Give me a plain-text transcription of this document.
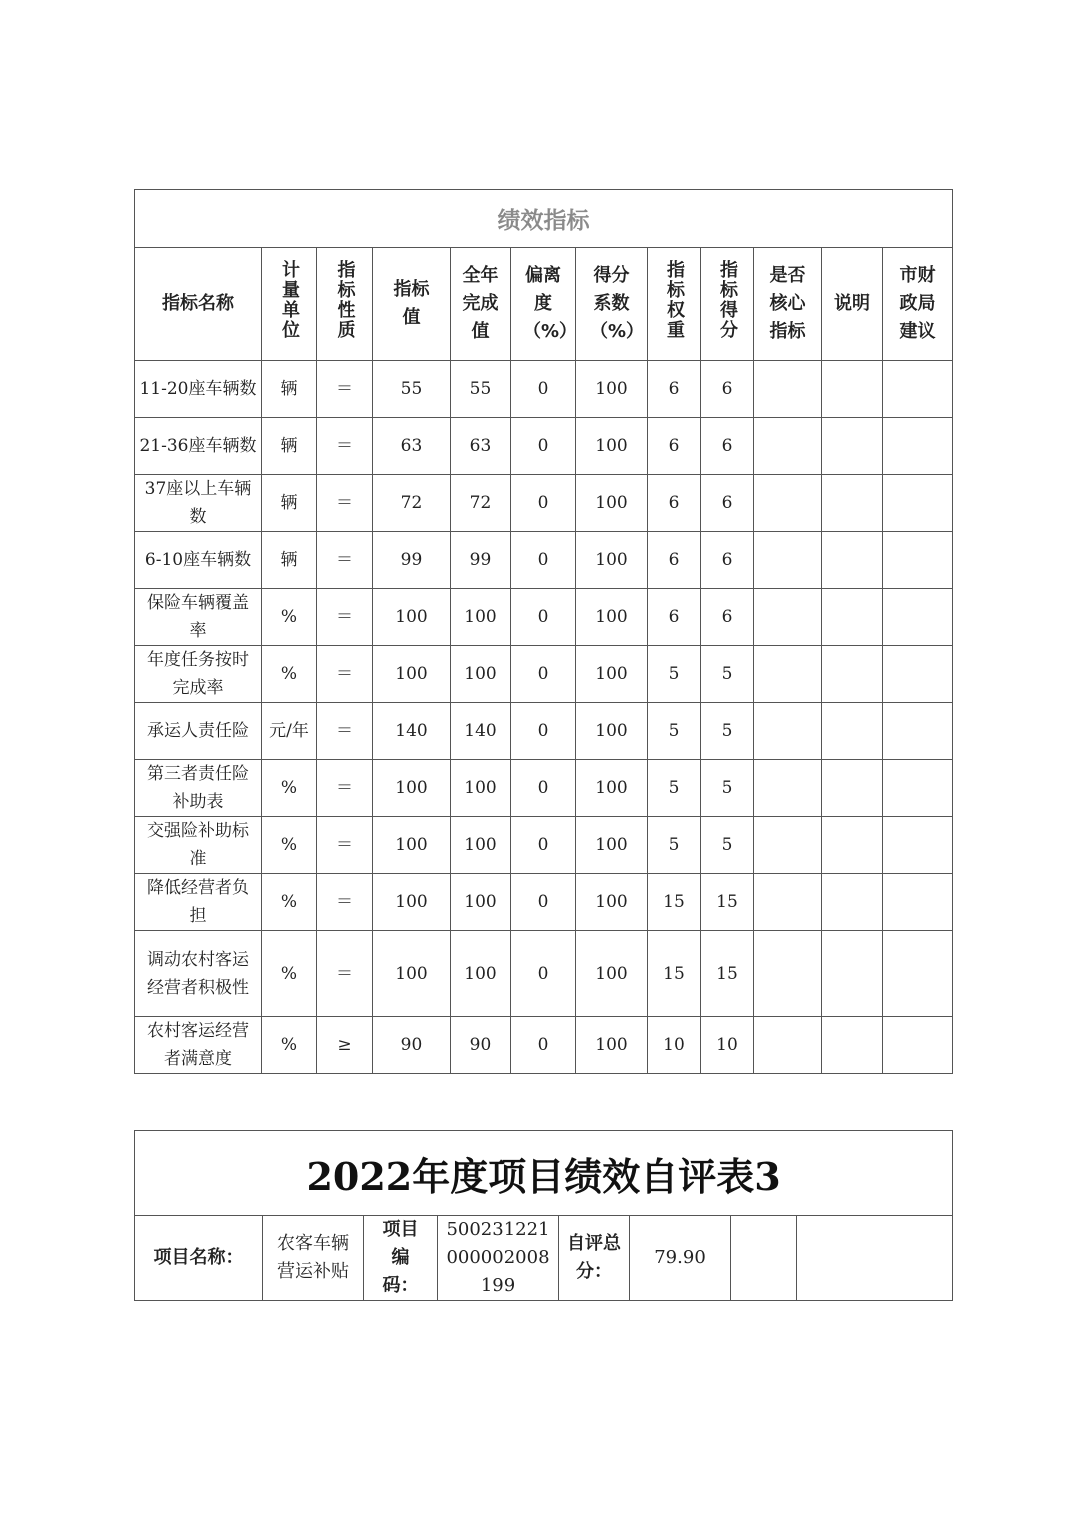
绩效指标											
指标名称	计量单位	指标性质	指标值	全年完成值	偏离度（%）	得分系数（%）	指标权重	指标得分	是否核心指标	说明	市财政局建议
11-20座车辆数	辆	＝	55	55	0	100	6	6			
21-36座车辆数	辆	＝	63	63	0	100	6	6			
37座以上车辆数	辆	＝	72	72	0	100	6	6			
6-10座车辆数	辆	＝	99	99	0	100	6	6			
保险车辆覆盖率	%	＝	100	100	0	100	6	6			
年度任务按时完成率	%	＝	100	100	0	100	5	5			
承运人责任险	元/年	＝	140	140	0	100	5	5			
第三者责任险补助表	%	＝	100	100	0	100	5	5			
交强险补助标准	%	＝	100	100	0	100	5	5			
降低经营者负担	%	＝	100	100	0	100	15	15			
调动农村客运经营者积极性	%	＝	100	100	0	100	15	15			
农村客运经营者满意度	%	≥	90	90	0	100	10	10			
2022年度项目绩效自评表3
项目名称：	农客车辆营运补贴	项目编码：	500231221000002008199	自评总分：	79.90		
